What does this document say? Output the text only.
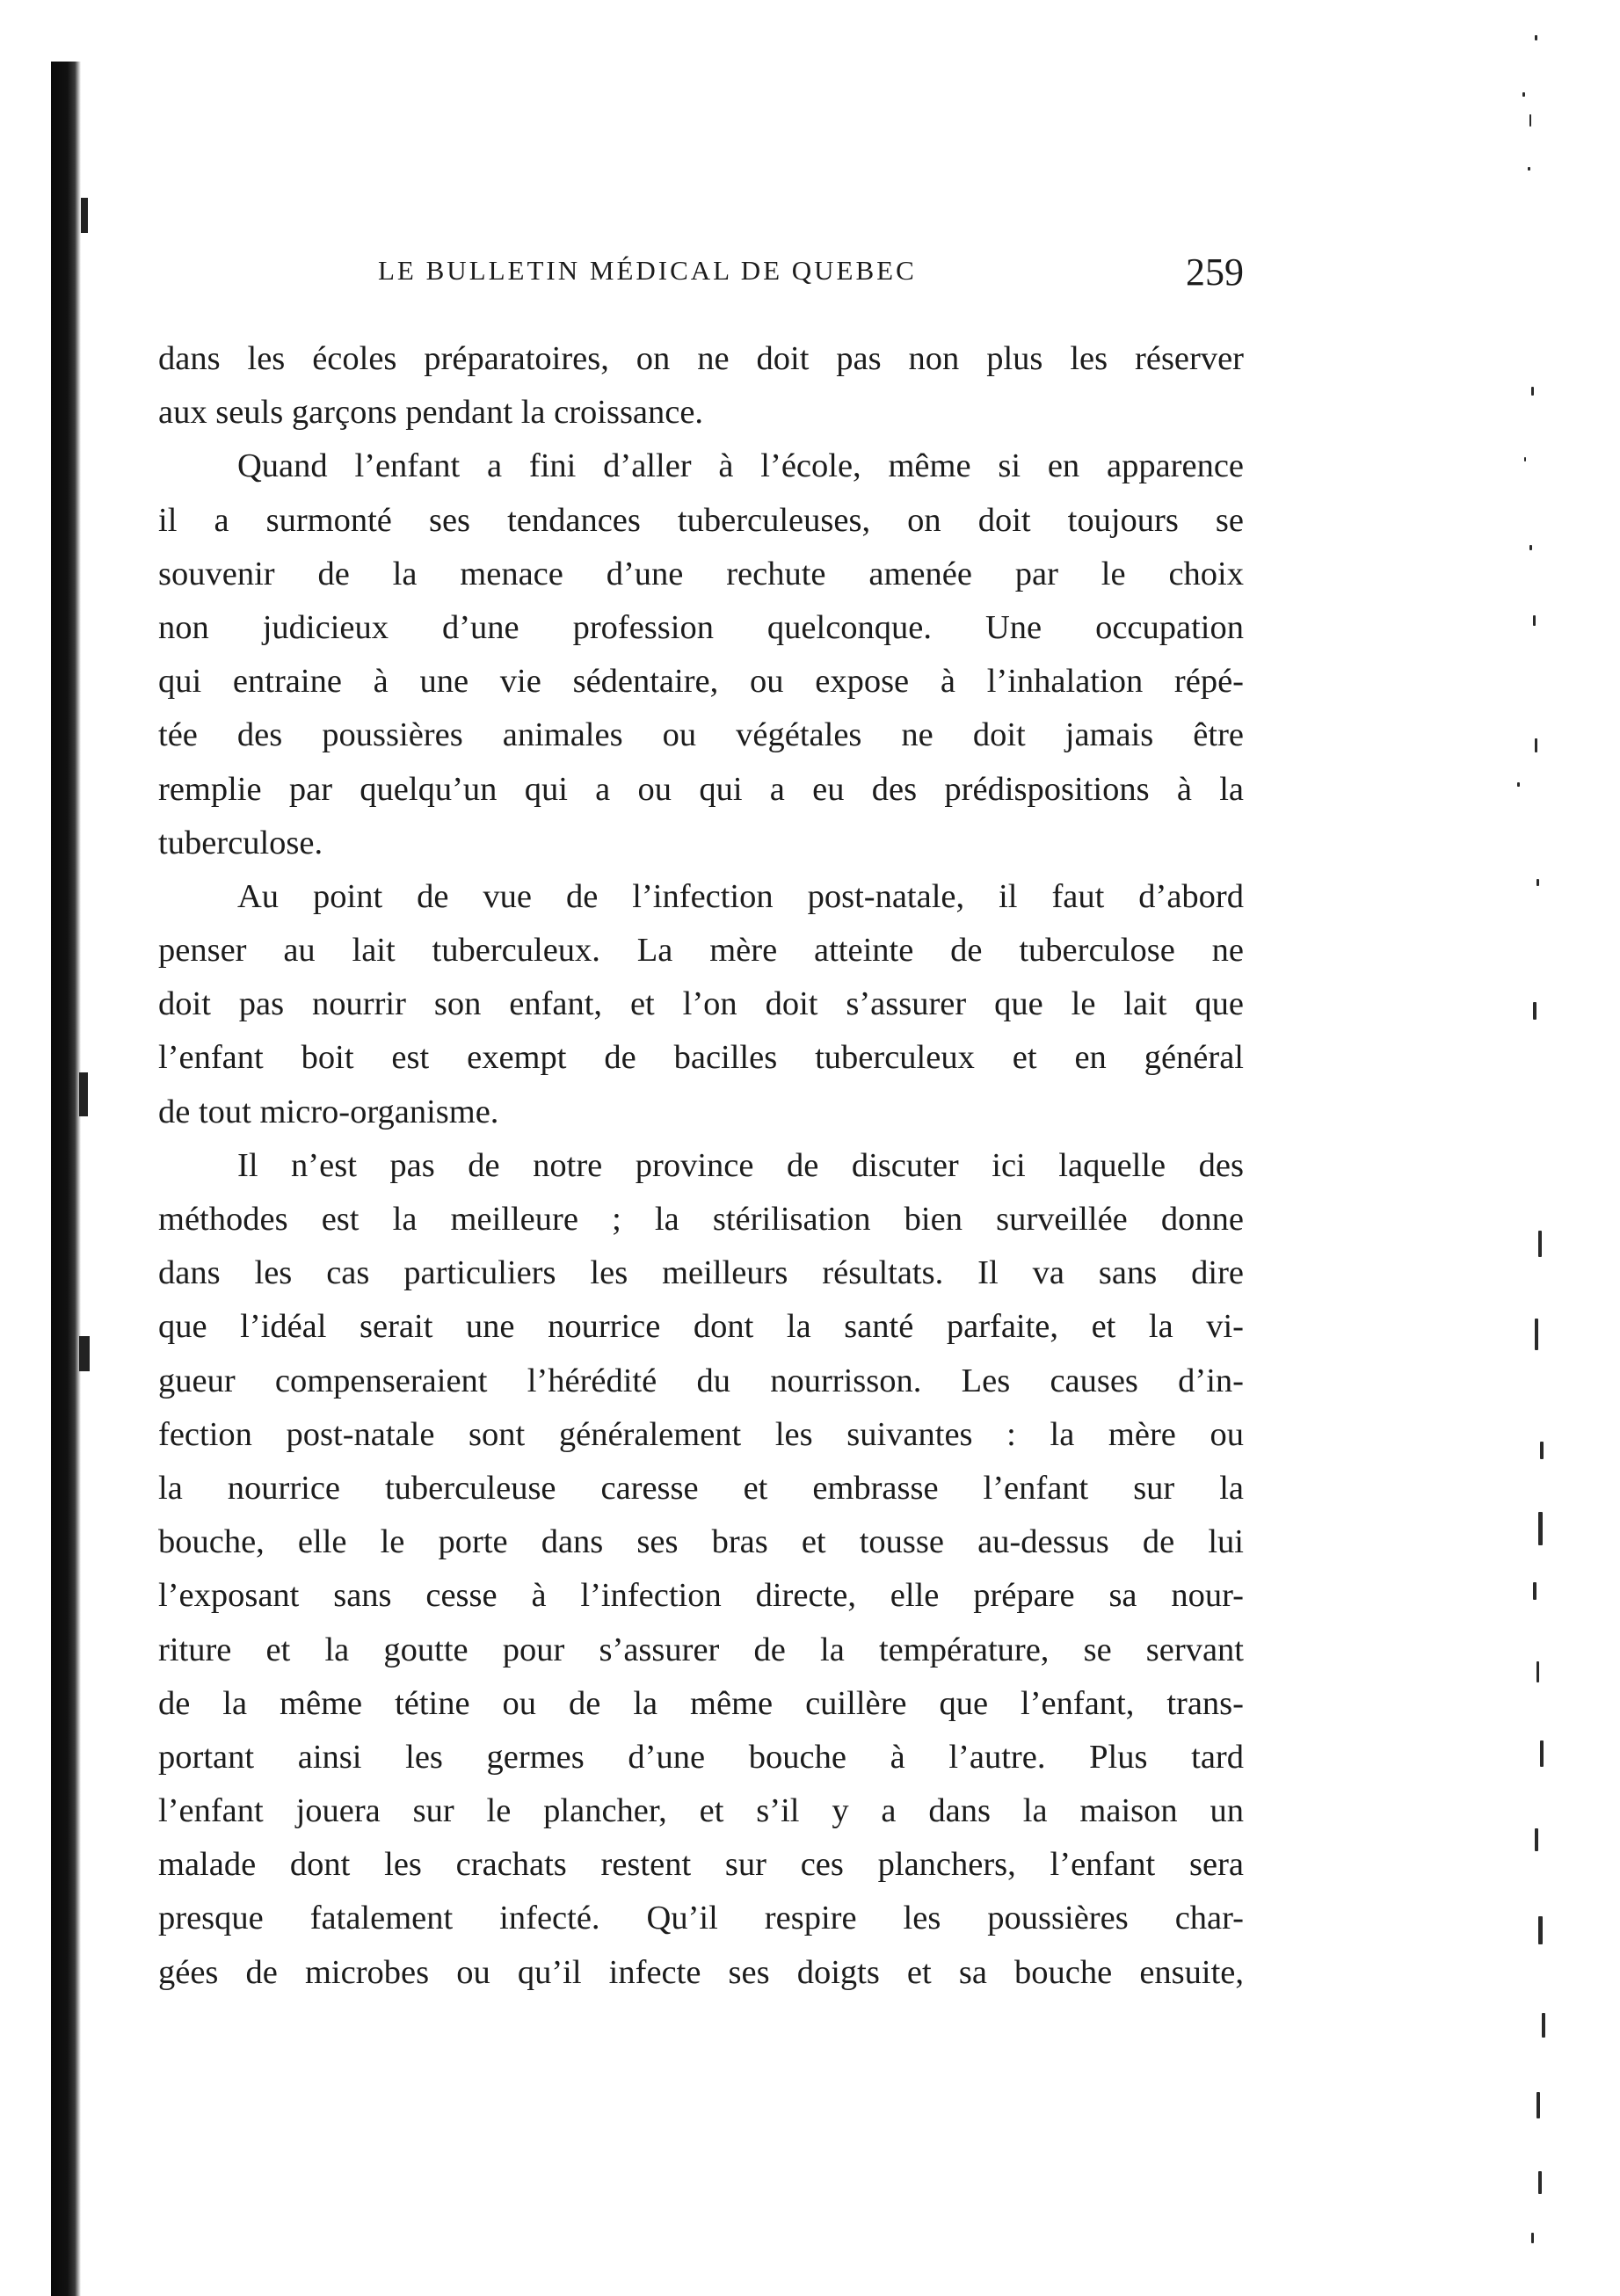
LE BULLETIN MÉDICAL DE QUEBEC	259
dans les écoles préparatoires, on ne doit pas non plus les réserver
aux seuls garçons pendant la croissance.
Quand l’enfant a fini d’aller à l’école, même si en apparence
il a surmonté ses tendances tuberculeuses, on doit toujours se
souvenir de la menace d’une rechute amenée par le choix
non judicieux d’une profession quelconque. Une occupation
qui entraine à une vie sédentaire, ou expose à l’inhalation répé-
tée des poussières animales ou végétales ne doit jamais être
remplie par quelqu’un qui a ou qui a eu des prédispositions à la
tuberculose.
Au point de vue de l’infection post-natale, il faut d’abord
penser au lait tuberculeux. La mère atteinte de tuberculose ne
doit pas nourrir son enfant, et l’on doit s’assurer que le lait que
l’enfant boit est exempt de bacilles tuberculeux et en général
de tout micro-organisme.
Il n’est pas de notre province de discuter ici laquelle des
méthodes est la meilleure ; la stérilisation bien surveillée donne
dans les cas particuliers les meilleurs résultats. Il va sans dire
que l’idéal serait une nourrice dont la santé parfaite, et la vi-
gueur compenseraient l’hérédité du nourrisson. Les causes d’in-
fection post-natale sont généralement les suivantes : la mère ou
la nourrice tuberculeuse caresse et embrasse l’enfant sur la
bouche, elle le porte dans ses bras et tousse au-dessus de lui
l’exposant sans cesse à l’infection directe, elle prépare sa nour-
riture et la goutte pour s’assurer de la température, se servant
de la même tétine ou de la même cuillère que l’enfant, trans-
portant ainsi les germes d’une bouche à l’autre. Plus tard
l’enfant jouera sur le plancher, et s’il y a dans la maison un
malade dont les crachats restent sur ces planchers, l’enfant sera
presque fatalement infecté. Qu’il respire les poussières char-
gées de microbes ou qu’il infecte ses doigts et sa bouche ensuite,
